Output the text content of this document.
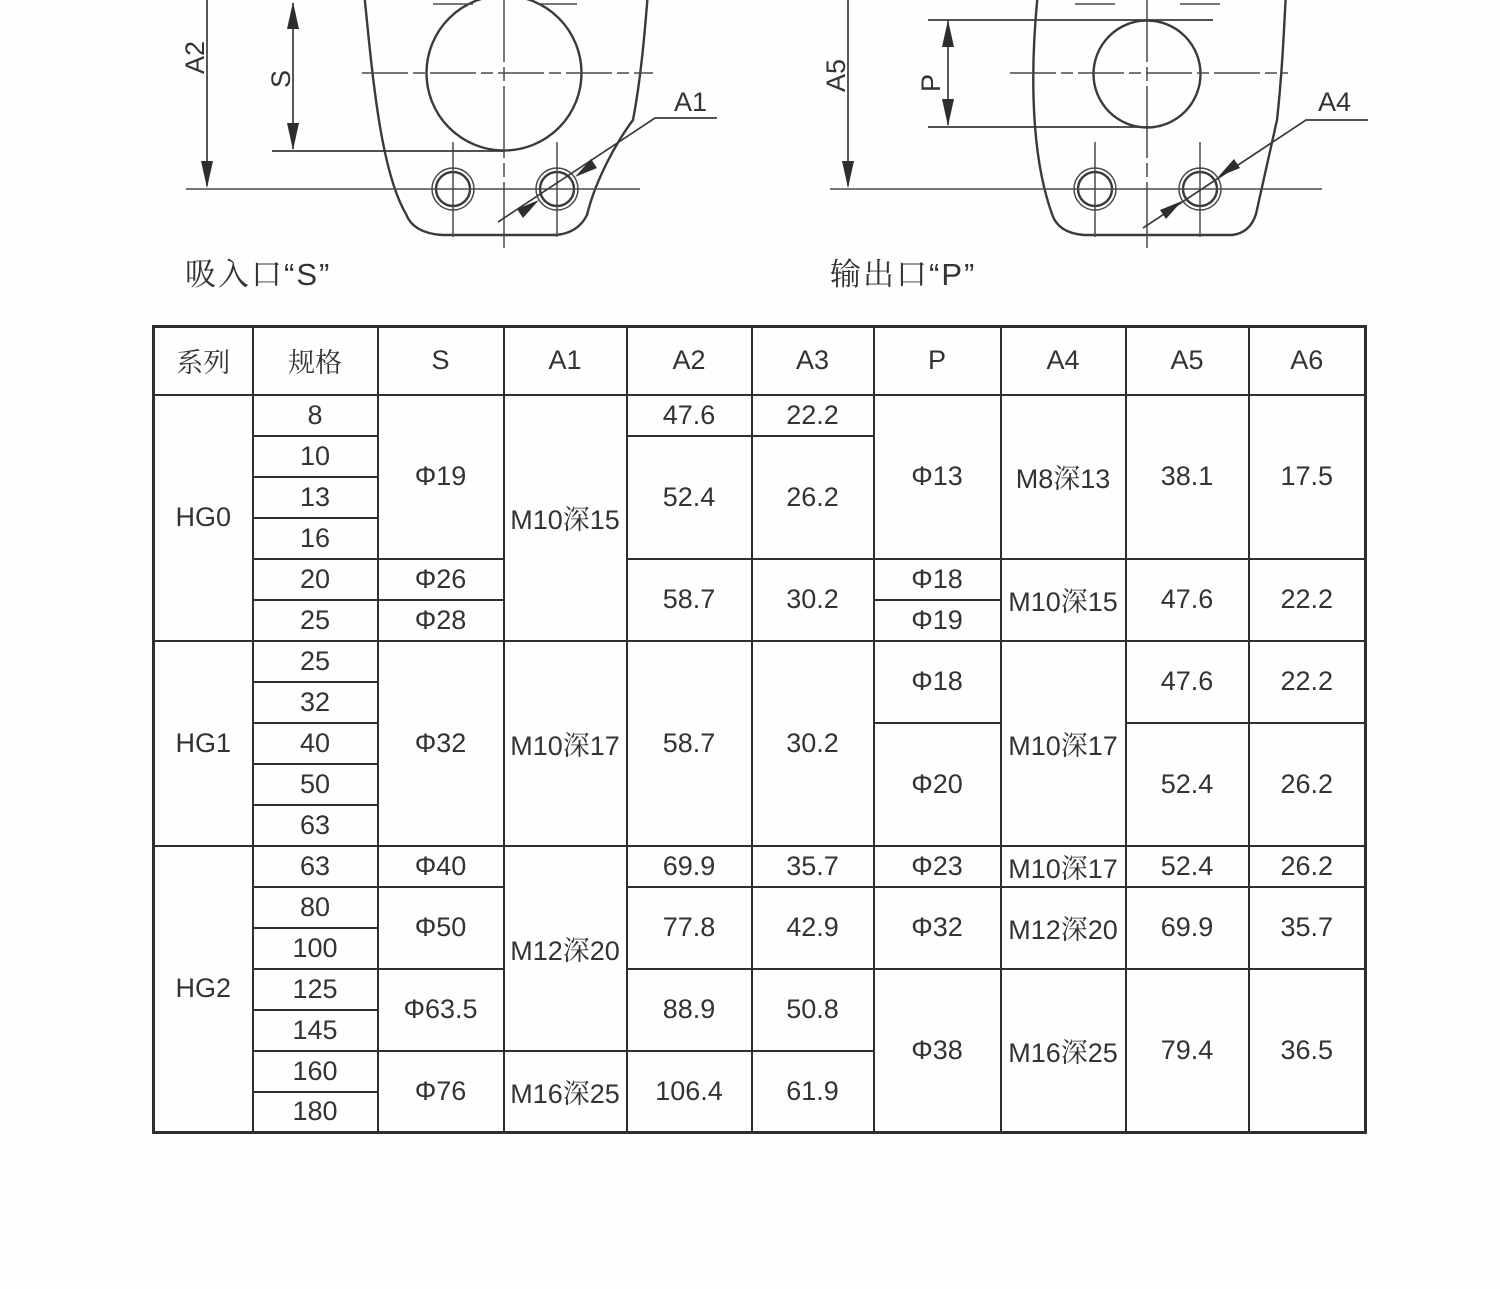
A2
S
A1
吸入口“S”
A5 P
A4
输出口“P”
系列	规格	S	A1	A2	A3	P	A4	A5	A6
HG0	8	Φ19	M10深15	47.6	22.2	Φ13	M8深13	38.1	17.5
	10			52.4	26.2				
	13								
	16								
	20	Φ26		58.7	30.2	Φ18	M10深15	47.6	22.2
	25	Φ28				Φ19			
HG1	25	Φ32	M10深17	58.7	30.2	Φ18	M10深17	47.6	22.2
	32								
	40					Φ20		52.4	26.2
	50								
	63								
HG2	63	Φ40	M12深20	69.9	35.7	Φ23	M10深17	52.4	26.2
	80	Φ50		77.8	42.9	Φ32	M12深20	69.9	35.7
	100								
	125	Φ63.5		88.9	50.8	Φ38	M16深25	79.4	36.5
	145								
	160	Φ76	M16深25	106.4	61.9				
	180								
